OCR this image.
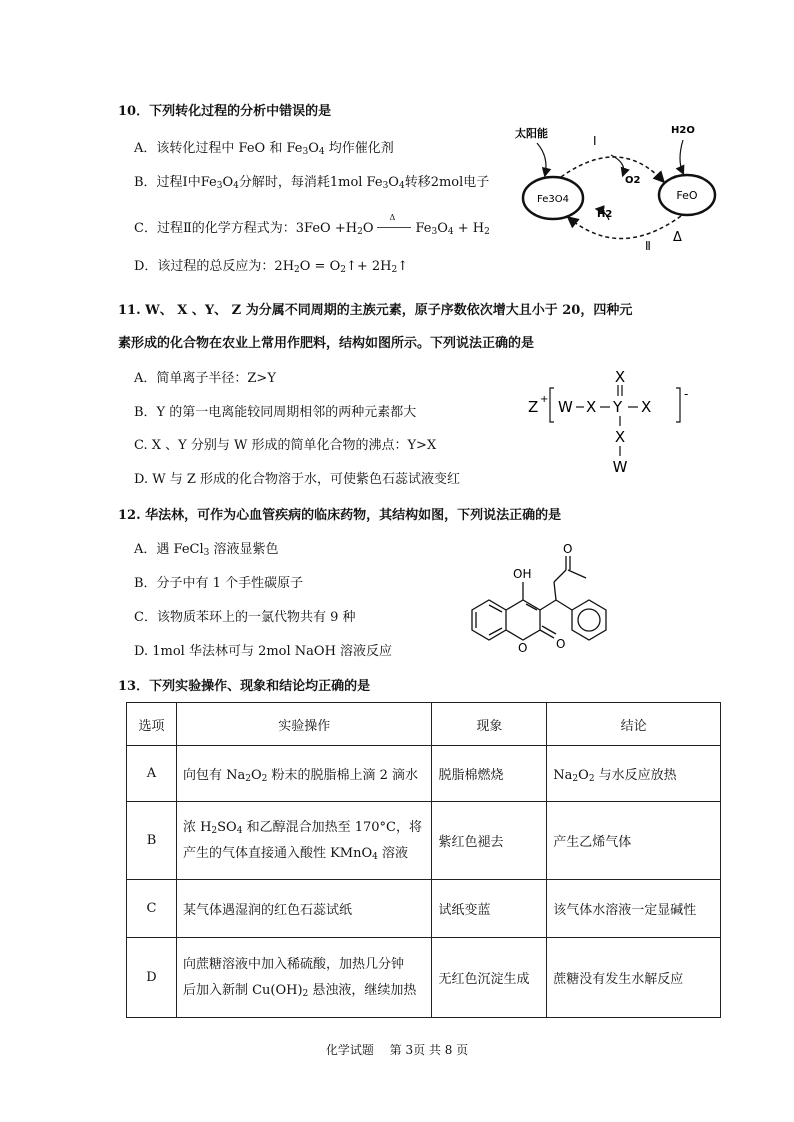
10．下列转化过程的分析中错误的是
A．该转化过程中 FeO 和 $Fe_3O_4$ 均作催化剂
B．过程Ⅰ中$Fe_3O_4$分解时，每消耗1mol $Fe_3O_4$转移2mol电子
C．过程Ⅱ的化学方程式为：$3FeO +H_2O$
Δ
$Fe_3O_4 + H_2$
D．该过程的总反应为：$2H_2O$ = $O_2↑+$ $2H_2↑$
Fe3O4	FeO
太阳能
I
O2
H2O
H2
Ⅱ
Δ
11. W、 X 、Y、 Z 为分属不同周期的主族元素，原子序数依次增大且小于 20，四种元
素形成的化合物在农业上常用作肥料，结构如图所示。下列说法正确的是
A．简单离子半径：Z>Y
B．Y 的第一电离能较同周期相邻的两种元素都大
C. X 、Y 分别与 W 形成的简单化合物的沸点：Y>X
D. W 与 Z 形成的化合物溶于水，可使紫色石蕊试液变红
Z +	-
W X Y X
X
X
W
12. 华法林，可作为心血管疾病的临床药物，其结构如图，下列说法正确的是
A．遇 FeCl$_3$ 溶液显紫色
B．分子中有 1 个手性碳原子
C．该物质苯环上的一氯代物共有 9 种
D. 1mol 华法林可与 2mol NaOH 溶液反应
OH
O O
O
13．下列实验操作、现象和结论均正确的是
选项	实验操作	现象	结论
A	向包有 $Na_2O_2$ 粉末的脱脂棉上滴 2 滴水	脱脂棉燃烧	$Na_2O_2$ 与水反应放热
B	浓 $H_2SO_4$ 和乙醇混合加热至 170°C，将
产生的气体直接通入酸性 KMnO$_4$ 溶液	紫红色褪去	产生乙烯气体
C	某气体遇湿润的红色石蕊试纸	试纸变蓝	该气体水溶液一定显碱性
D	向蔗糖溶液中加入稀硫酸，加热几分钟
后加入新制 $Cu(OH)_2$ 悬浊液，继续加热	无红色沉淀生成	蔗糖没有发生水解反应
化学试题 第 3页 共 8 页
